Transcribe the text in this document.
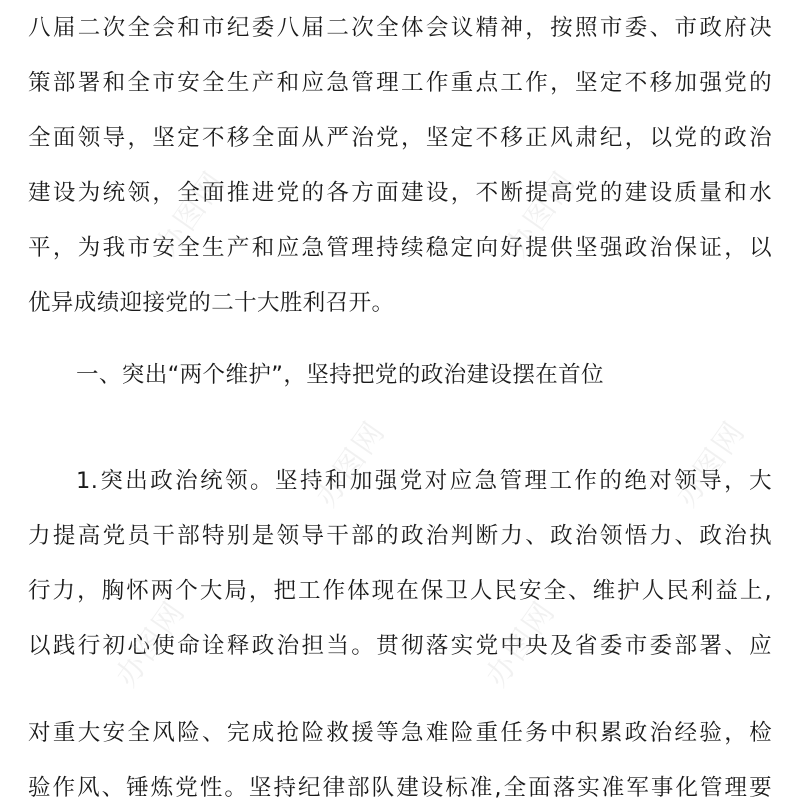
八届二次全会和市纪委八届二次全体会议精神，按照市委、市政府决
策部署和全市安全生产和应急管理工作重点工作，坚定不移加强党的
全面领导，坚定不移全面从严治党，坚定不移正风肃纪，以党的政治
建设为统领，全面推进党的各方面建设，不断提高党的建设质量和水
平，为我市安全生产和应急管理持续稳定向好提供坚强政治保证，以
优异成绩迎接党的二十大胜利召开。
一、突出“两个维护”，坚持把党的政治建设摆在首位
1.突出政治统领。坚持和加强党对应急管理工作的绝对领导，大
力提高党员干部特别是领导干部的政治判断力、政治领悟力、政治执
行力，胸怀两个大局，把工作体现在保卫人民安全、维护人民利益上,
以践行初心使命诠释政治担当。贯彻落实党中央及省委市委部署、应
对重大安全风险、完成抢险救援等急难险重任务中积累政治经验，检
验作风、锤炼党性。坚持纪律部队建设标准,全面落实准军事化管理要
办图网	办图网
办图网	办图网
办图网	办图网
